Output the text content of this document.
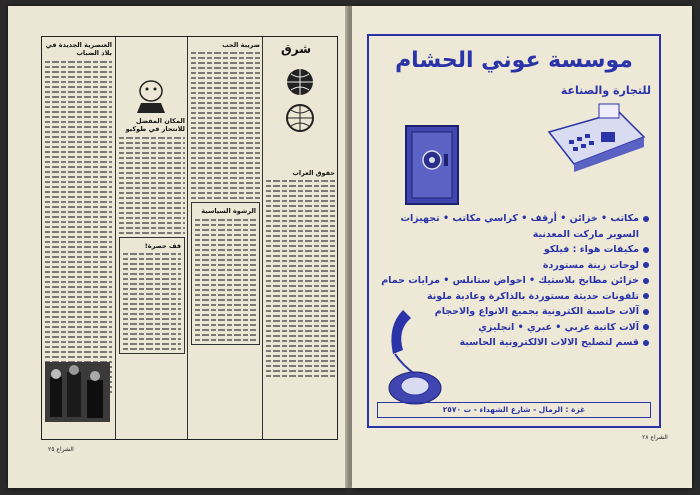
العنصرية الجديدة في بلاد الضباب
المكان المفضل للانتحار في طوكيو
قف حصرة!
ضريبة الحب
الرشوة السياسية
شرق
حقوق العراب
الشراع ٢٥
موسسة عوني الحشام
للتجارة والصناعة
مكاتب • خزائن • أرقف • كراسي مكاتب • تجهيزات
السوبر ماركت المعدنية
مكيفات هواء : فيلكو
لوحات زينة مستوردة
خزائن مطابخ بلاستيك • احواض ستانلس • مرايات حمام
تلفونات حديثة مستوردة بالذاكرة وعادية ملونة
آلات حاسبة الكترونية بجميع الانواع والاحجام
آلات كاتبة عربي • عبري • انجليزي
قسم لتصليح الالات الالكترونية الحاسبة
غزة : الرمال - شارع الشهداء - ت ٢٥٧٠
الشراع ٢٨
